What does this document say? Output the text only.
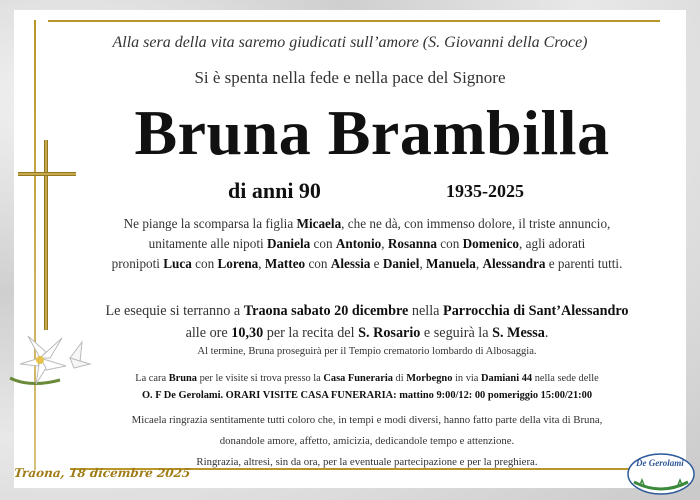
Alla sera della vita saremo giudicati sull’amore (S. Giovanni della Croce)
Si è spenta nella fede e nella pace del Signore
Bruna Brambilla
di anni 90	1935-2025
Ne piange la scomparsa la figlia Micaela, che ne dà, con immenso dolore, il triste annuncio,
unitamente alle nipoti Daniela con Antonio, Rosanna con Domenico, agli adorati
pronipoti Luca con Lorena, Matteo con Alessia e Daniel, Manuela, Alessandra e parenti tutti.
Le esequie si terranno a Traona sabato 20 dicembre nella Parrocchia di Sant’Alessandro
alle ore 10,30 per la recita del S. Rosario e seguirà la S. Messa.
Al termine, Bruna proseguirà per il Tempio crematorio lombardo di Albosaggia.
La cara Bruna per le visite si trova presso la Casa Funeraria di Morbegno in via Damiani 44 nella sede delle
O. F De Gerolami. ORARI VISITE CASA FUNERARIA: mattino 9:00/12: 00 pomeriggio 15:00/21:00
Micaela ringrazia sentitamente tutti coloro che, in tempi e modi diversi, hanno fatto parte della vita di Bruna,
donandole amore, affetto, amicizia, dedicandole tempo e attenzione.
Ringrazia, altresì, sin da ora, per la eventuale partecipazione e per la preghiera.
Traona, 18 dicembre 2025
De Gerolami
